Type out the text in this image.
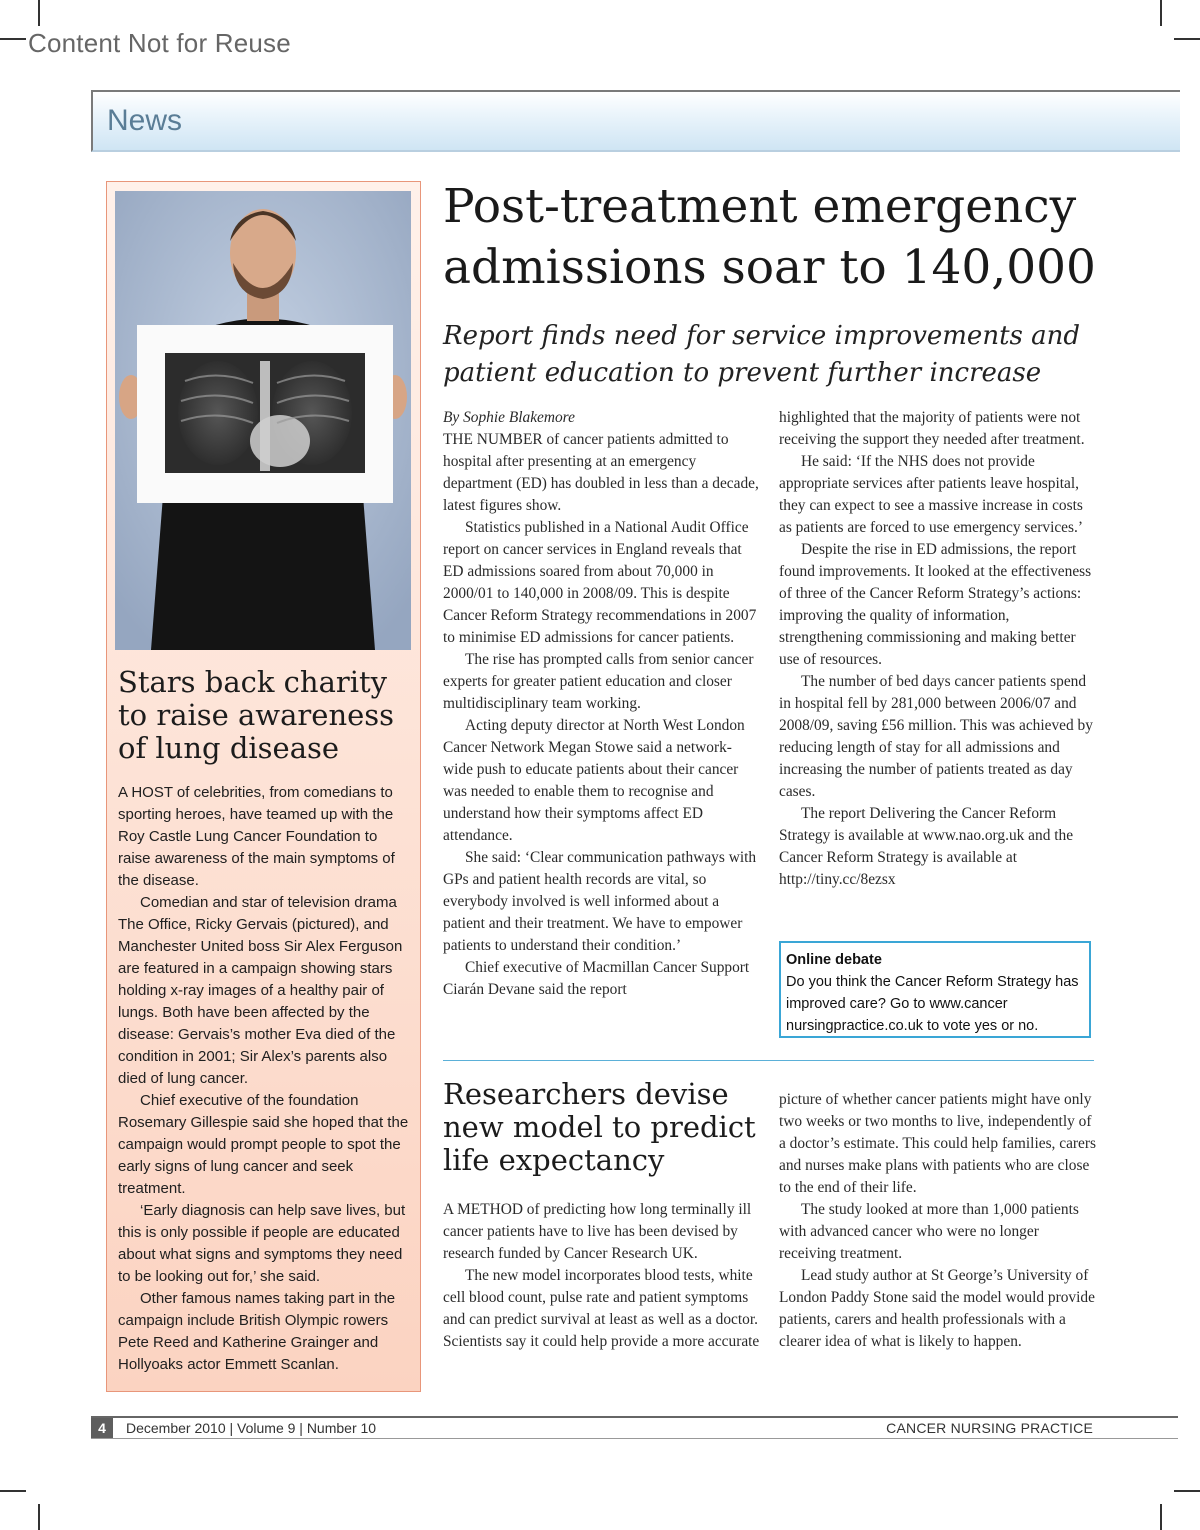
Content Not for Reuse
News
Stars back charity to raise awareness of lung disease

A HOST of celebrities, from comedians to sporting heroes, have teamed up with the Roy Castle Lung Cancer Foundation to raise awareness of the main symptoms of the disease.

Comedian and star of television drama The Office, Ricky Gervais (pictured), and Manchester United boss Sir Alex Ferguson are featured in a campaign showing stars holding x-ray images of a healthy pair of lungs. Both have been affected by the disease: Gervais’s mother Eva died of the condition in 2001; Sir Alex’s parents also died of lung cancer.

Chief executive of the foundation Rosemary Gillespie said she hoped that the campaign would prompt people to spot the early signs of lung cancer and seek treatment.

‘Early diagnosis can help save lives, but this is only possible if people are educated about what signs and symptoms they need to be looking out for,’ she said.

Other famous names taking part in the campaign include British Olympic rowers Pete Reed and Katherine Grainger and Hollyoaks actor Emmett Scanlan.

Post-treatment emergency admissions soar to 140,000
Report finds need for service improvements and patient education to prevent further increase

By Sophie Blakemore

THE NUMBER of cancer patients admitted to hospital after presenting at an emergency department (ED) has doubled in less than a decade, latest figures show.

Statistics published in a National Audit Office report on cancer services in England reveals that ED admissions soared from about 70,000 in 2000/01 to 140,000 in 2008/09. This is despite Cancer Reform Strategy recommendations in 2007 to minimise ED admissions for cancer patients.

The rise has prompted calls from senior cancer experts for greater patient education and closer multidisciplinary team working.

Acting deputy director at North West London Cancer Network Megan Stowe said a network-wide push to educate patients about their cancer was needed to enable them to recognise and understand how their symptoms affect ED attendance.

She said: ‘Clear communication pathways with GPs and patient health records are vital, so everybody involved is well informed about a patient and their treatment. We have to empower patients to understand their condition.’

Chief executive of Macmillan Cancer Support Ciarán Devane said the report

highlighted that the majority of patients were not receiving the support they needed after treatment.

He said: ‘If the NHS does not provide appropriate services after patients leave hospital, they can expect to see a massive increase in costs as patients are forced to use emergency services.’

Despite the rise in ED admissions, the report found improvements. It looked at the effectiveness of three of the Cancer Reform Strategy’s actions: improving the quality of information, strengthening commissioning and making better use of resources.

The number of bed days cancer patients spend in hospital fell by 281,000 between 2006/07 and 2008/09, saving £56 million. This was achieved by reducing length of stay for all admissions and increasing the number of patients treated as day cases.

The report Delivering the Cancer Reform Strategy is available at www.nao.org.uk and the Cancer Reform Strategy is available at http://tiny.cc/8ezsx

Online debate
Do you think the Cancer Reform Strategy has improved care? Go to www.cancer nursingpractice.co.uk to vote yes or no.
Researchers devise new model to predict life expectancy

A METHOD of predicting how long terminally ill cancer patients have to live has been devised by research funded by Cancer Research UK.

The new model incorporates blood tests, white cell blood count, pulse rate and patient symptoms and can predict survival at least as well as a doctor. Scientists say it could help provide a more accurate

picture of whether cancer patients might have only two weeks or two months to live, independently of a doctor’s estimate. This could help families, carers and nurses make plans with patients who are close to the end of their life.

The study looked at more than 1,000 patients with advanced cancer who were no longer receiving treatment.

Lead study author at St George’s University of London Paddy Stone said the model would provide patients, carers and health professionals with a clearer idea of what is likely to happen.

4	December 2010 | Volume 9 | Number 10	CANCER NURSING PRACTICE
